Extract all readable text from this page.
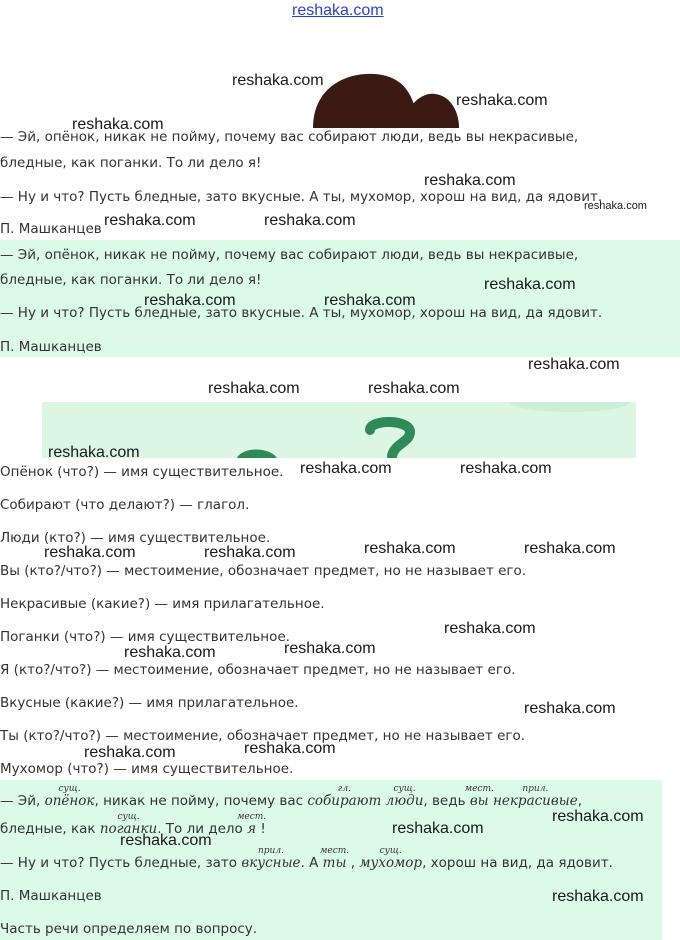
reshaka.com
— Эй, опёнок, никак не пойму, почему вас собирают люди, ведь вы некрасивые,
бледные, как поганки. То ли дело я!
— Ну и что? Пусть бледные, зато вкусные. А ты, мухомор, хорош на вид, да ядовит.
П. Машканцев
— Эй, опёнок, никак не пойму, почему вас собирают люди, ведь вы некрасивые,
бледные, как поганки. То ли дело я!
— Ну и что? Пусть бледные, зато вкусные. А ты, мухомор, хорош на вид, да ядовит.
П. Машканцев
Опёнок (что?) — имя существительное.
Собирают (что делают?) — глагол.
Люди (кто?) — имя существительное.
Вы (кто?/что?) — местоимение, обозначает предмет, но не называет его.
Некрасивые (какие?) — имя прилагательное.
Поганки (что?) — имя существительное.
Я (кто?/что?) — местоимение, обозначает предмет, но не называет его.
Вкусные (какие?) — имя прилагательное.
Ты (кто?/что?) — местоимение, обозначает предмет, но не называет его.
Мухомор (что?) — имя существительное.
— Эй,
сущ.
опёнок, никак не пойму, почему вас
гл.
собирают
сущ.
люди, ведь
мест.
вы
прил.
некрасивые,
бледные, как
сущ.
поганки. То ли дело
мест.
я !
— Ну и что? Пусть бледные, зато
прил.
вкусные. А
мест.
ты ,
сущ.
мухомор, хорош на вид, да ядовит.
П. Машканцев
Часть речи определяем по вопросу.
reshaka.com
reshaka.com
reshaka.com
reshaka.com
reshaka.com
reshaka.com	reshaka.com
reshaka.com
reshaka.com	reshaka.com
reshaka.com
reshaka.com	reshaka.com
reshaka.com
reshaka.com	reshaka.com
reshaka.com	reshaka.com	reshaka.com	reshaka.com
reshaka.com
reshaka.com	reshaka.com
reshaka.com
reshaka.com	reshaka.com
reshaka.com
reshaka.com
reshaka.com
reshaka.com
